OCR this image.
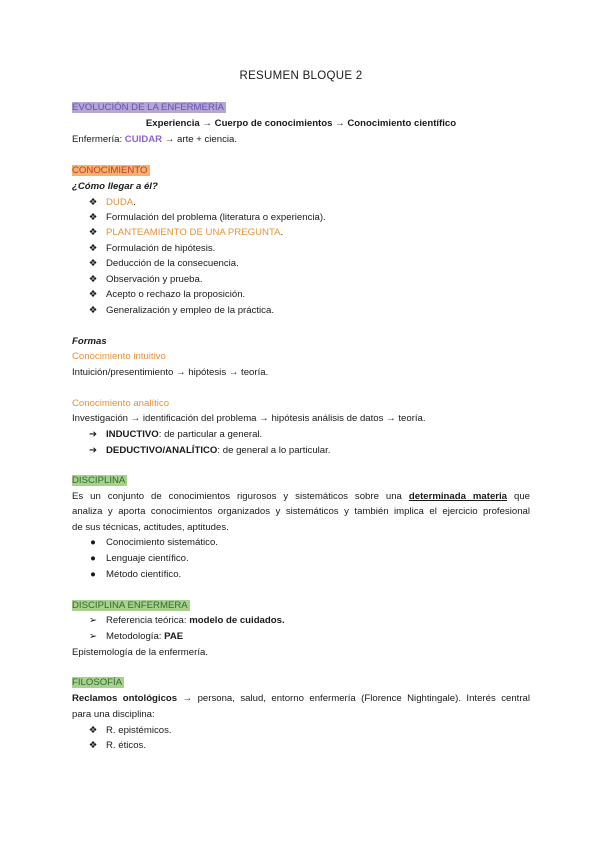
RESUMEN BLOQUE 2
EVOLUCIÓN DE LA ENFERMERÍA
Experiencia → Cuerpo de conocimientos → Conocimiento científico
Enfermería: CUIDAR → arte + ciencia.
CONOCIMIENTO
¿Cómo llegar a él?
❖ DUDA.
❖ Formulación del problema (literatura o experiencia).
❖ PLANTEAMIENTO DE UNA PREGUNTA.
❖ Formulación de hipótesis.
❖ Deducción de la consecuencia.
❖ Observación y prueba.
❖ Acepto o rechazo la proposición.
❖ Generalización y empleo de la práctica.
Formas
Conocimiento intuitivo
Intuición/presentimiento → hipótesis → teoría.
Conocimiento analítico
Investigación → identificación del problema → hipótesis análisis de datos → teoría.
➔ INDUCTIVO: de particular a general.
➔ DEDUCTIVO/ANALÍTICO: de general a lo particular.
DISCIPLINA
Es un conjunto de conocimientos rigurosos y sistemáticos sobre una determinada materia que
analiza y aporta conocimientos organizados y sistemáticos y también implica el ejercicio profesional
de sus técnicas, actitudes, aptitudes.
● Conocimiento sistemático.
● Lenguaje científico.
● Método científico.
DISCIPLINA ENFERMERA
➢ Referencia teórica: modelo de cuidados.
➢ Metodología: PAE
Epistemología de la enfermería.
FILOSOFÍA
Reclamos ontológicos → persona, salud, entorno enfermería (Florence Nightingale). Interés central
para una disciplina:
❖ R. epistémicos.
❖ R. éticos.
